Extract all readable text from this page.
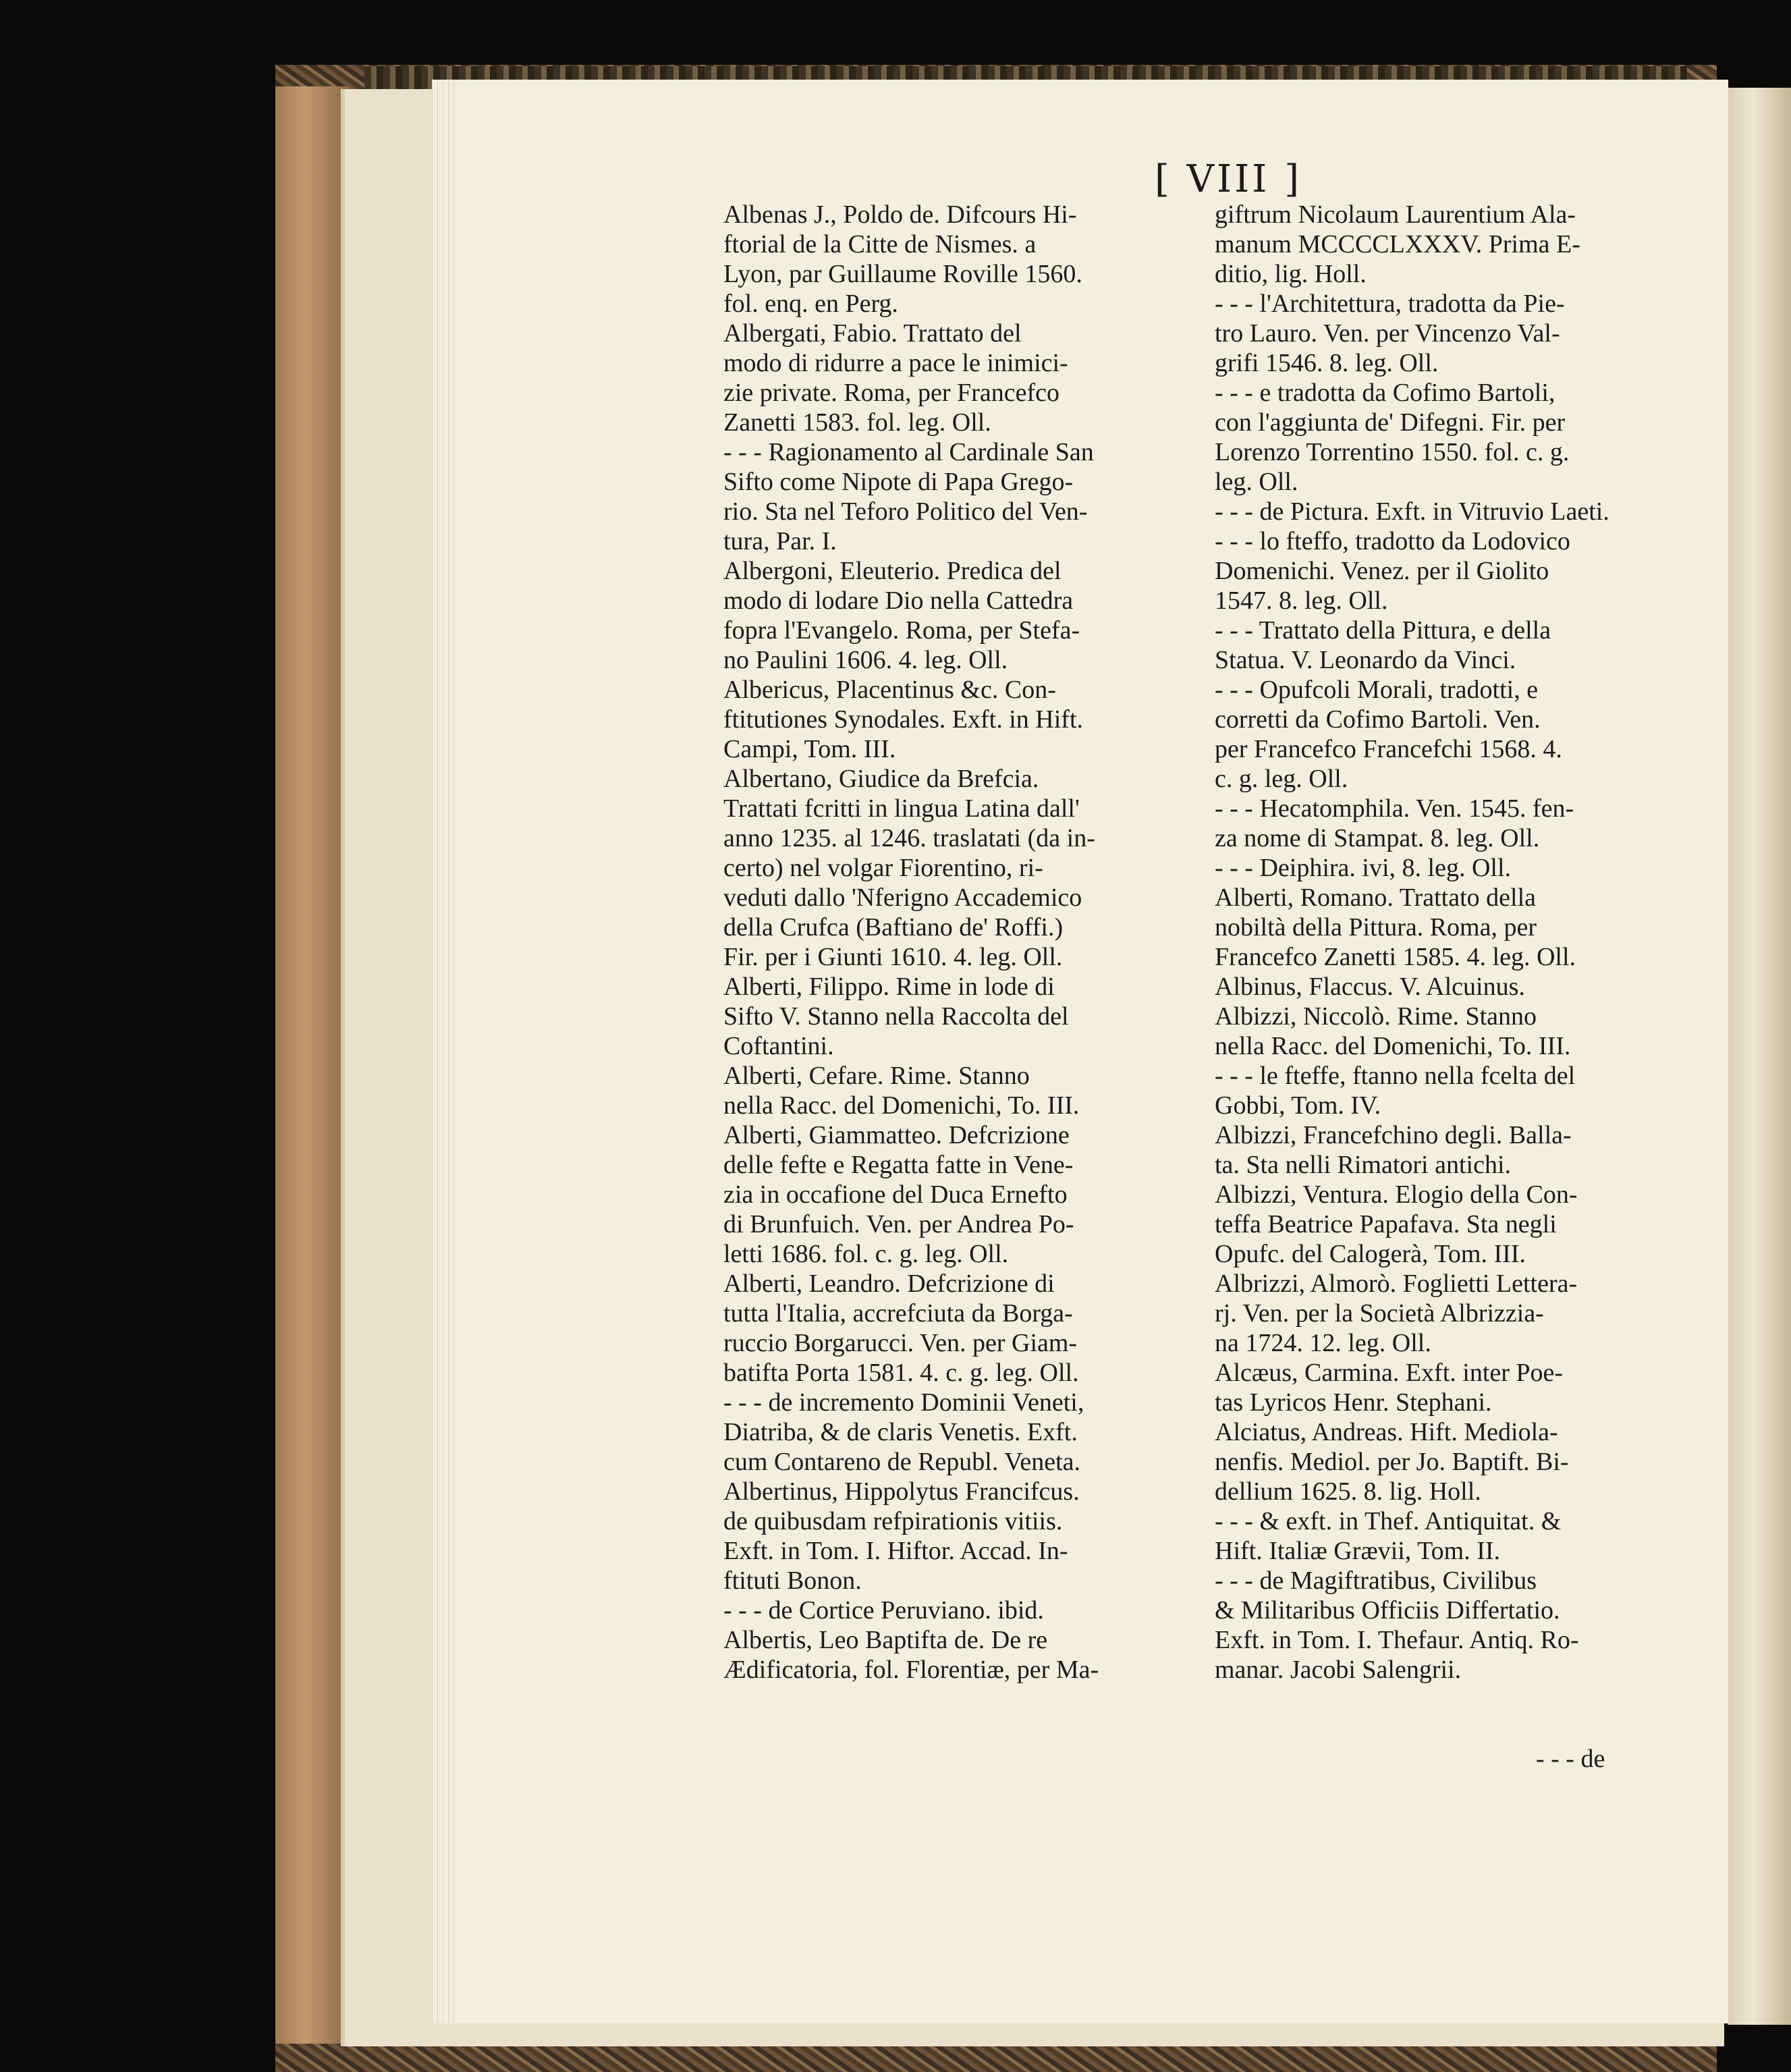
[ VIII ]
Albenas J., Poldo de. Difcours Hi-
ftorial de la Citte de Nismes. a
Lyon, par Guillaume Roville 1560.
fol. enq. en Perg.
Albergati, Fabio. Trattato del
modo di ridurre a pace le inimici-
zie private. Roma, per Francefco
Zanetti 1583. fol. leg. Oll.
- - - Ragionamento al Cardinale San
Sifto come Nipote di Papa Grego-
rio. Sta nel Teforo Politico del Ven-
tura, Par. I.
Albergoni, Eleuterio. Predica del
modo di lodare Dio nella Cattedra
fopra l'Evangelo. Roma, per Stefa-
no Paulini 1606. 4. leg. Oll.
Albericus, Placentinus &c. Con-
ftitutiones Synodales. Exft. in Hift.
Campi, Tom. III.
Albertano, Giudice da Brefcia.
Trattati fcritti in lingua Latina dall'
anno 1235. al 1246. traslatati (da in-
certo) nel volgar Fiorentino, ri-
veduti dallo 'Nferigno Accademico
della Crufca (Baftiano de' Roffi.)
Fir. per i Giunti 1610. 4. leg. Oll.
Alberti, Filippo. Rime in lode di
Sifto V. Stanno nella Raccolta del
Coftantini.
Alberti, Cefare. Rime. Stanno
nella Racc. del Domenichi, To. III.
Alberti, Giammatteo. Defcrizione
delle fefte e Regatta fatte in Vene-
zia in occafione del Duca Ernefto
di Brunfuich. Ven. per Andrea Po-
letti 1686. fol. c. g. leg. Oll.
Alberti, Leandro. Defcrizione di
tutta l'Italia, accrefciuta da Borga-
ruccio Borgarucci. Ven. per Giam-
batifta Porta 1581. 4. c. g. leg. Oll.
- - - de incremento Dominii Veneti,
Diatriba, & de claris Venetis. Exft.
cum Contareno de Republ. Veneta.
Albertinus, Hippolytus Francifcus.
de quibusdam refpirationis vitiis.
Exft. in Tom. I. Hiftor. Accad. In-
ftituti Bonon.
- - - de Cortice Peruviano. ibid.
Albertis, Leo Baptifta de. De re
Ædificatoria, fol. Florentiæ, per Ma-
giftrum Nicolaum Laurentium Ala-
manum MCCCCLXXXV. Prima E-
ditio, lig. Holl.
- - - l'Architettura, tradotta da Pie-
tro Lauro. Ven. per Vincenzo Val-
grifi 1546. 8. leg. Oll.
- - - e tradotta da Cofimo Bartoli,
con l'aggiunta de' Difegni. Fir. per
Lorenzo Torrentino 1550. fol. c. g.
leg. Oll.
- - - de Pictura. Exft. in Vitruvio Laeti.
- - - lo fteffo, tradotto da Lodovico
Domenichi. Venez. per il Giolito
1547. 8. leg. Oll.
- - - Trattato della Pittura, e della
Statua. V. Leonardo da Vinci.
- - - Opufcoli Morali, tradotti, e
corretti da Cofimo Bartoli. Ven.
per Francefco Francefchi 1568. 4.
c. g. leg. Oll.
- - - Hecatomphila. Ven. 1545. fen-
za nome di Stampat. 8. leg. Oll.
- - - Deiphira. ivi, 8. leg. Oll.
Alberti, Romano. Trattato della
nobiltà della Pittura. Roma, per
Francefco Zanetti 1585. 4. leg. Oll.
Albinus, Flaccus. V. Alcuinus.
Albizzi, Niccolò. Rime. Stanno
nella Racc. del Domenichi, To. III.
- - - le fteffe, ftanno nella fcelta del
Gobbi, Tom. IV.
Albizzi, Francefchino degli. Balla-
ta. Sta nelli Rimatori antichi.
Albizzi, Ventura. Elogio della Con-
teffa Beatrice Papafava. Sta negli
Opufc. del Calogerà, Tom. III.
Albrizzi, Almorò. Foglietti Lettera-
rj. Ven. per la Società Albrizzia-
na 1724. 12. leg. Oll.
Alcæus, Carmina. Exft. inter Poe-
tas Lyricos Henr. Stephani.
Alciatus, Andreas. Hift. Mediola-
nenfis. Mediol. per Jo. Baptift. Bi-
dellium 1625. 8. lig. Holl.
- - - & exft. in Thef. Antiquitat. &
Hift. Italiæ Grævii, Tom. II.
- - - de Magiftratibus, Civilibus
& Militaribus Officiis Differtatio.
Exft. in Tom. I. Thefaur. Antiq. Ro-
manar. Jacobi Salengrii.
- - - de
